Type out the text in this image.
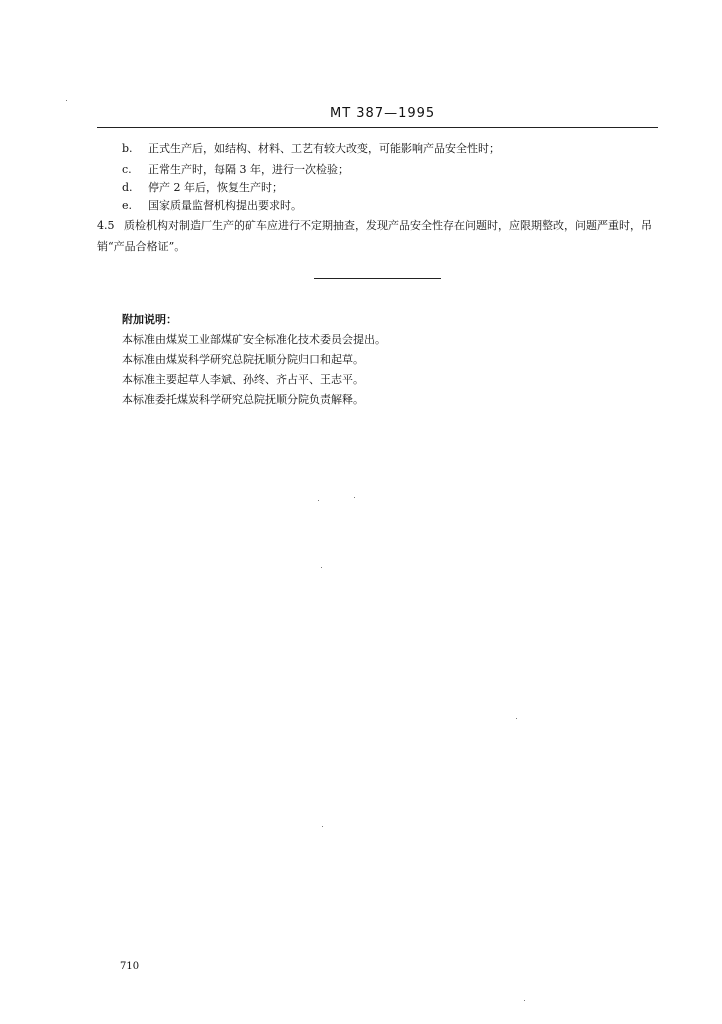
MT 387—1995
b. 正式生产后，如结构、材料、工艺有较大改变，可能影响产品安全性时；
c. 正常生产时，每隔 3 年，进行一次检验；
d. 停产 2 年后，恢复生产时；
e. 国家质量监督机构提出要求时。
4.5 质检机构对制造厂生产的矿车应进行不定期抽查，发现产品安全性存在问题时，应限期整改，问题严重时，吊销“产品合格证”。
附加说明：
本标准由煤炭工业部煤矿安全标准化技术委员会提出。
本标准由煤炭科学研究总院抚顺分院归口和起草。
本标准主要起草人李斌、孙终、齐占平、王志平。
本标准委托煤炭科学研究总院抚顺分院负责解释。
710
